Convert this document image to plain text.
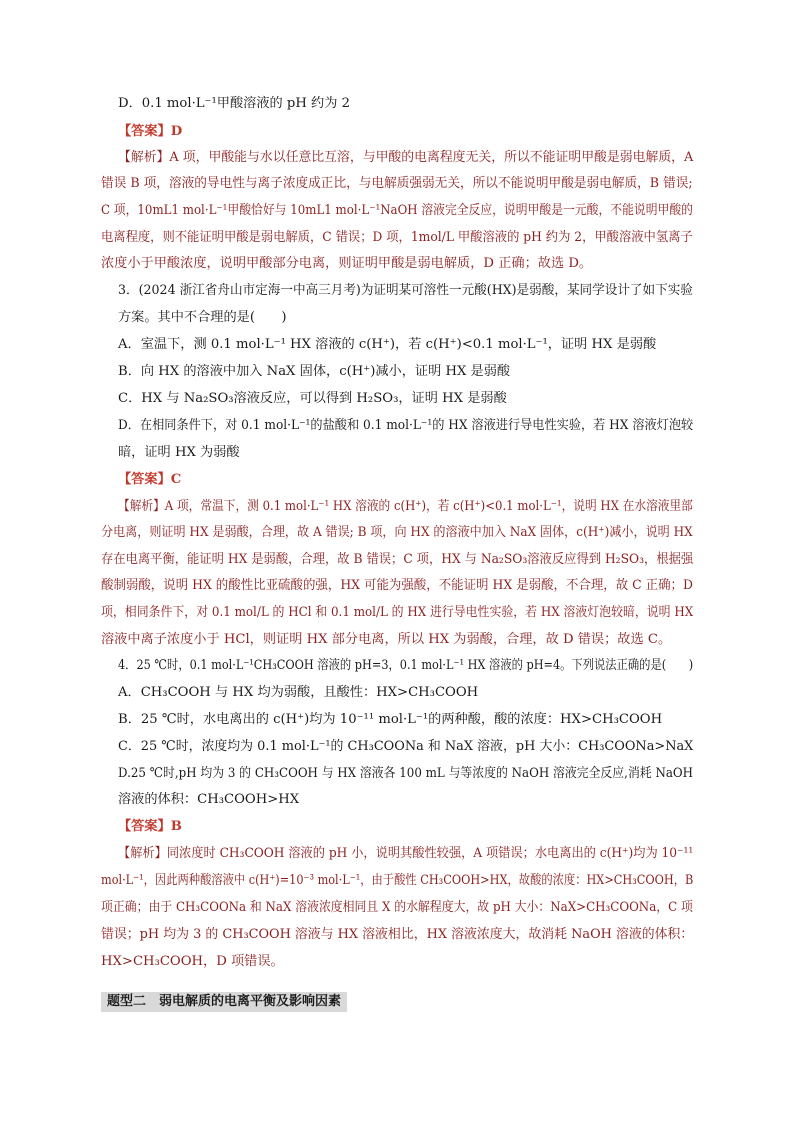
D．0.1 mol·L⁻¹甲酸溶液的 pH 约为 2
【答案】D
【解析】A 项，甲酸能与水以任意比互溶，与甲酸的电离程度无关，所以不能证明甲酸是弱电解质，A
错误 B 项，溶液的导电性与离子浓度成正比，与电解质强弱无关，所以不能说明甲酸是弱电解质，B 错误;
C 项，10mL1 mol·L⁻¹甲酸恰好与 10mL1 mol·L⁻¹NaOH 溶液完全反应，说明甲酸是一元酸，不能说明甲酸的
电离程度，则不能证明甲酸是弱电解质，C 错误；D 项，1mol/L 甲酸溶液的 pH 约为 2，甲酸溶液中氢离子
浓度小于甲酸浓度，说明甲酸部分电离，则证明甲酸是弱电解质，D 正确；故选 D。
3．(2024 浙江省舟山市定海一中高三月考)为证明某可溶性一元酸(HX)是弱酸，某同学设计了如下实验
方案。其中不合理的是(　　)
A．室温下，测 0.1 mol·L⁻¹ HX 溶液的 c(H⁺)，若 c(H⁺)<0.1 mol·L⁻¹，证明 HX 是弱酸
B．向 HX 的溶液中加入 NaX 固体，c(H⁺)减小，证明 HX 是弱酸
C．HX 与 Na₂SO₃溶液反应，可以得到 H₂SO₃，证明 HX 是弱酸
D．在相同条件下，对 0.1 mol·L⁻¹的盐酸和 0.1 mol·L⁻¹的 HX 溶液进行导电性实验，若 HX 溶液灯泡较
暗，证明 HX 为弱酸
【答案】C
【解析】A 项，常温下，测 0.1 mol·L⁻¹ HX 溶液的 c(H⁺)，若 c(H⁺)<0.1 mol·L⁻¹，说明 HX 在水溶液里部
分电离，则证明 HX 是弱酸，合理，故 A 错误; B 项，向 HX 的溶液中加入 NaX 固体，c(H⁺)减小，说明 HX
存在电离平衡，能证明 HX 是弱酸，合理，故 B 错误；C 项，HX 与 Na₂SO₃溶液反应得到 H₂SO₃，根据强
酸制弱酸，说明 HX 的酸性比亚硫酸的强，HX 可能为强酸，不能证明 HX 是弱酸，不合理，故 C 正确；D
项，相同条件下，对 0.1 mol/L 的 HCl 和 0.1 mol/L 的 HX 进行导电性实验，若 HX 溶液灯泡较暗，说明 HX
溶液中离子浓度小于 HCl，则证明 HX 部分电离，所以 HX 为弱酸，合理，故 D 错误；故选 C。
4．25 ℃时，0.1 mol·L⁻¹CH₃COOH 溶液的 pH=3，0.1 mol·L⁻¹ HX 溶液的 pH=4。下列说法正确的是(　　)
A．CH₃COOH 与 HX 均为弱酸，且酸性：HX>CH₃COOH
B．25 ℃时，水电离出的 c(H⁺)均为 10⁻¹¹ mol·L⁻¹的两种酸，酸的浓度：HX>CH₃COOH
C．25 ℃时，浓度均为 0.1 mol·L⁻¹的 CH₃COONa 和 NaX 溶液，pH 大小：CH₃COONa>NaX
D.25 ℃时,pH 均为 3 的 CH₃COOH 与 HX 溶液各 100 mL 与等浓度的 NaOH 溶液完全反应,消耗 NaOH
溶液的体积：CH₃COOH>HX
【答案】B
【解析】同浓度时 CH₃COOH 溶液的 pH 小，说明其酸性较强，A 项错误；水电离出的 c(H⁺)均为 10⁻¹¹
mol·L⁻¹，因此两种酸溶液中 c(H⁺)=10⁻³ mol·L⁻¹，由于酸性 CH₃COOH>HX，故酸的浓度：HX>CH₃COOH，B
项正确；由于 CH₃COONa 和 NaX 溶液浓度相同且 X 的水解程度大，故 pH 大小：NaX>CH₃COONa，C 项
错误；pH 均为 3 的 CH₃COOH 溶液与 HX 溶液相比，HX 溶液浓度大，故消耗 NaOH 溶液的体积：
HX>CH₃COOH，D 项错误。
题型二　弱电解质的电离平衡及影响因素
